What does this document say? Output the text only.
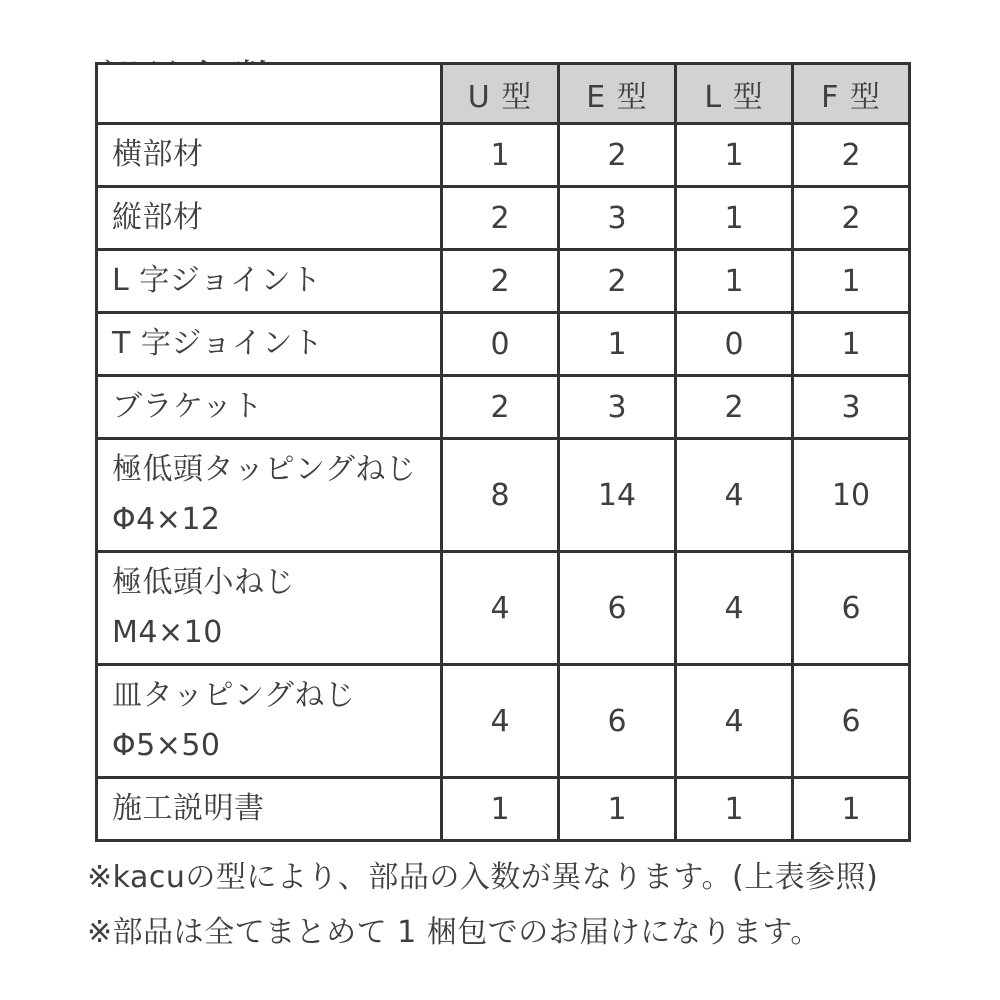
	U 型	E 型	L 型	F 型

横部材	1	2	1	2

縦部材	2	3	1	2

L 字ジョイント	2	2	1	1

T 字ジョイント	0	1	0	1

ブラケット	2	3	2	3

極低頭タッピングねじ
Φ4×12	8	14	4	10

極低頭小ねじ
M4×10	4	6	4	6

皿タッピングねじ
Φ5×50	4	6	4	6

施工説明書	1	1	1	1

※kacuの型により、部品の入数が異なります。(上表参照)

※部品は全てまとめて 1 梱包でのお届けになります。
